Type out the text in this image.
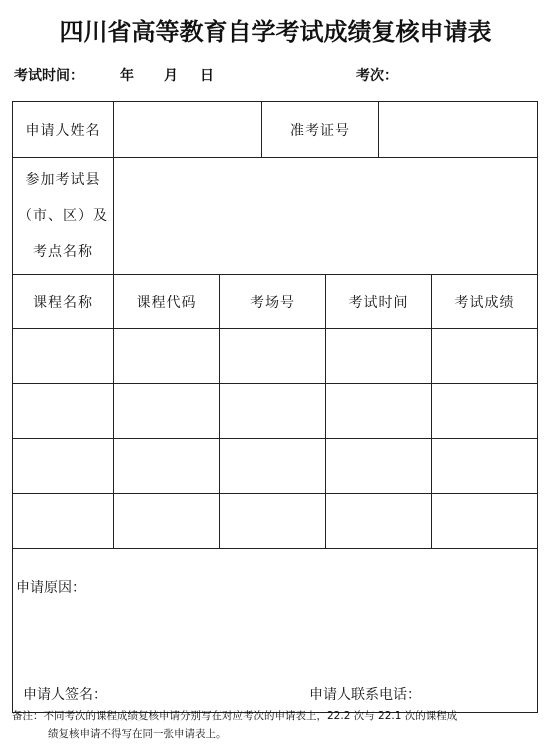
四川省高等教育自学考试成绩复核申请表
考试时间：	年 月 日	考次：
申请人姓名			准考证号			

参加考试县
（市、区）及
考点名称						

课程名称	课程代码	考场号		考试时间		考试成绩

申请原因：
申请人签名： 申请人联系电话：						
备注：不同考次的课程成绩复核申请分别写在对应考次的申请表上，22.2 次与 22.1 次的课程成
绩复核申请不得写在同一张申请表上。
